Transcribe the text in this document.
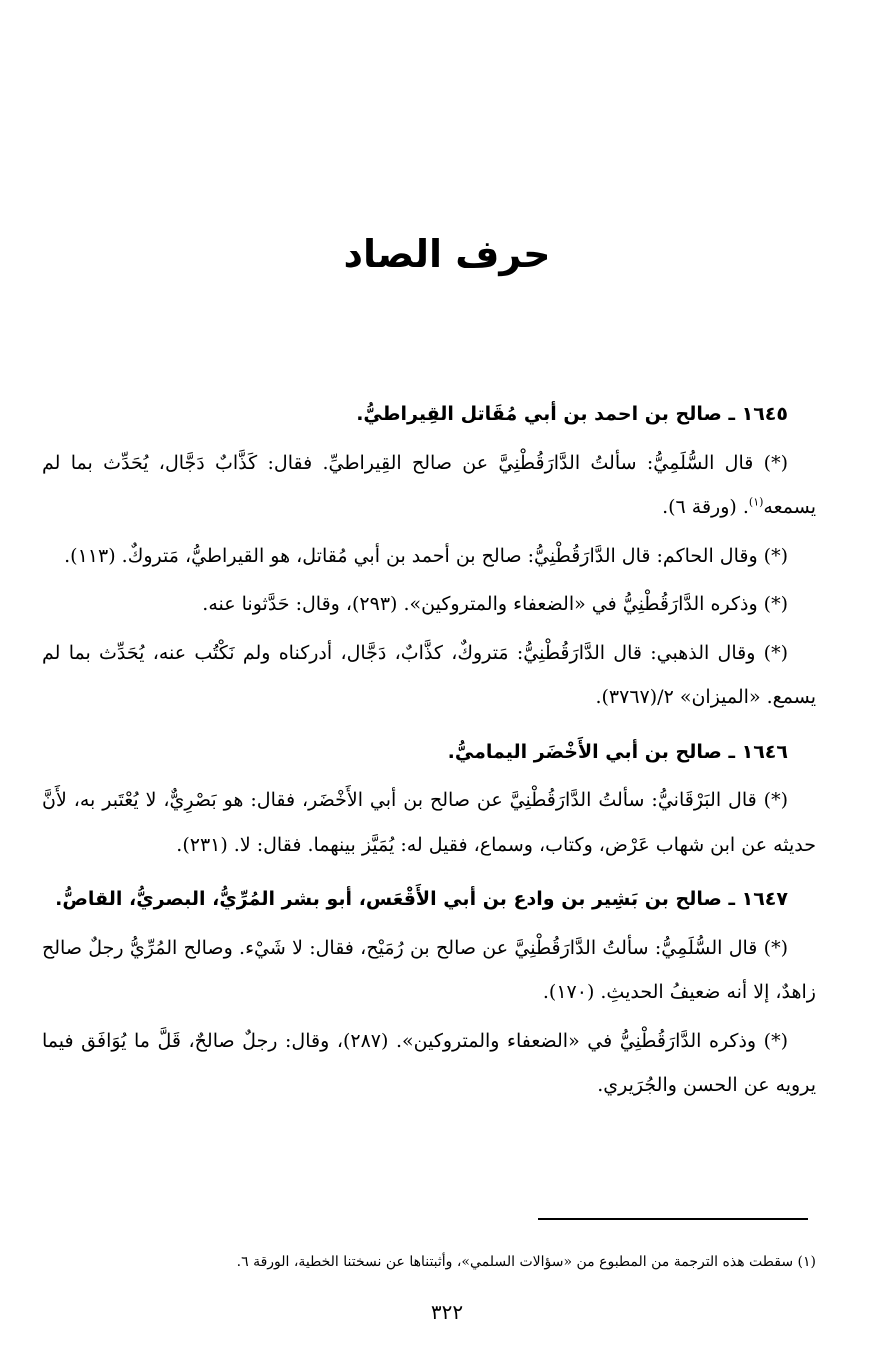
حرف الصاد
١٦٤٥ ـ صالح بن احمد بن أبي مُقَاتل القِيراطيُّ.

(*) قال السُّلَمِيُّ: سألتُ الدَّارَقُطْنِيَّ عن صالح القِيراطيِّ. فقال: كَذَّابٌ دَجَّال، يُحَدِّث بما لم يسمعه$^{(١)}$. (ورقة ٦).

(*) وقال الحاكم: قال الدَّارَقُطْنِيُّ: صالح بن أحمد بن أبي مُقاتل، هو القيراطيُّ، مَتروكٌ. (١١٣).

(*) وذكره الدَّارَقُطْنِيُّ في «الضعفاء والمتروكين». (٢٩٣)، وقال: حَدَّثونا عنه.

(*) وقال الذهبي: قال الدَّارَقُطْنِيُّ: مَتروكٌ، كذَّابٌ، دَجَّال، أدركناه ولم نَكْتُب عنه، يُحَدِّث بما لم يسمع. «الميزان» ٢/(٣٧٦٧).

١٦٤٦ ـ صالح بن أبي الأَخْضَر اليماميُّ.

(*) قال البَرْقَانيُّ: سألتُ الدَّارَقُطْنِيَّ عن صالح بن أبي الأَخْضَر، فقال: هو بَصْرِيٌّ، لا يُعْتَبر به، لأَنَّ حديثه عن ابن شهاب عَرْض، وكتاب، وسماع، فقيل له: يُمَيَّز بينهما. فقال: لا. (٢٣١).

١٦٤٧ ـ صالح بن بَشِير بن وادع بن أبي الأَقْعَس، أبو بشر المُرِّيُّ، البصريُّ، القاصُّ.

(*) قال السُّلَمِيُّ: سألتُ الدَّارَقُطْنِيَّ عن صالح بن رُمَيْح، فقال: لا شَيْء. وصالح المُرِّيُّ رجلٌ صالح زاهدٌ، إلا أنه ضعيفُ الحديثِ. (١٧٠).

(*) وذكره الدَّارَقُطْنِيُّ في «الضعفاء والمتروكين». (٢٨٧)، وقال: رجلٌ صالحٌ، قَلَّ ما يُوَافَق فيما يرويه عن الحسن والجُرَيري.

(١) سقطت هذه الترجمة من المطبوع من «سؤالات السلمي»، وأثبتناها عن نسختنا الخطية، الورقة ٦.
٣٢٢
